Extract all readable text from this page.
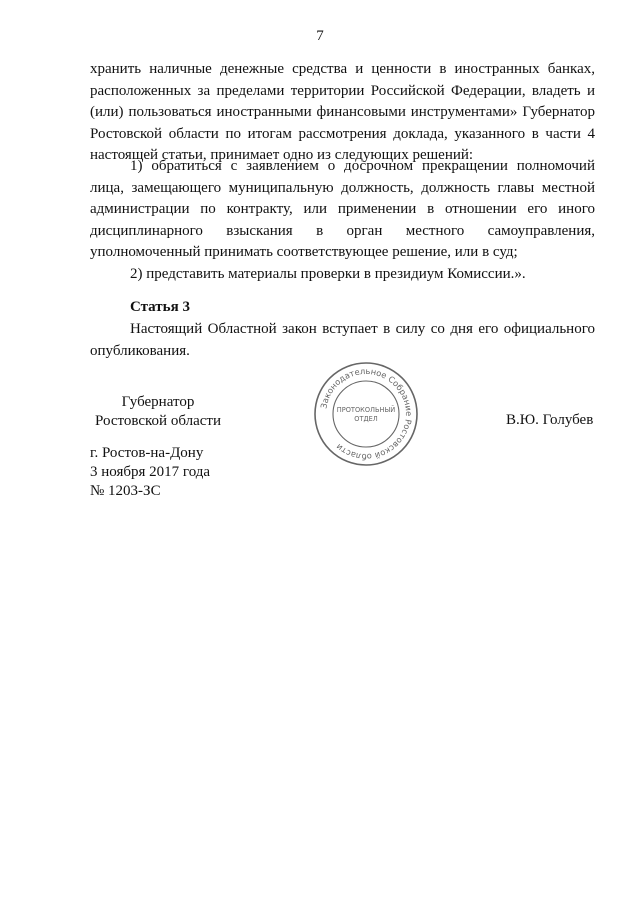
7

хранить наличные денежные средства и ценности в иностранных банках, расположенных за пределами территории Российской Федерации, владеть и (или) пользоваться иностранными финансовыми инструментами» Губернатор Ростовской области по итогам рассмотрения доклада, указанного в части 4 настоящей статьи, принимает одно из следующих решений:

1) обратиться с заявлением о досрочном прекращении полномочий лица, замещающего муниципальную должность, должность главы местной администрации по контракту, или применении в отношении его иного дисциплинарного взыскания в орган местного самоуправления, уполномоченный принимать соответствующее решение, или в суд;

2) представить материалы проверки в президиум Комиссии.».

Статья 3

Настоящий Областной закон вступает в силу со дня его официального опубликования.

Губернатор
Ростовской области	В.Ю. Голубев
г. Ростов-на-Дону
3 ноября 2017 года
№ 1203-ЗС
Законодательное Собрание Ростовской области
ПРОТОКОЛЬНЫЙ
ОТДЕЛ
